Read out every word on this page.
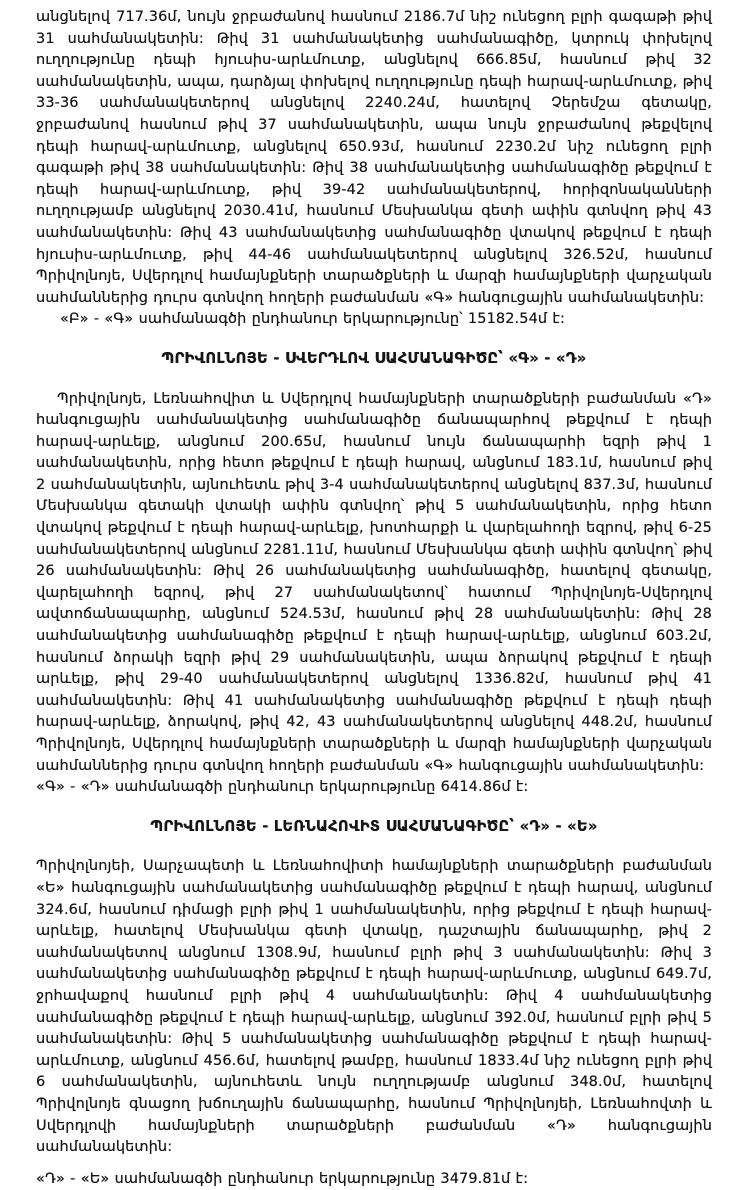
անցնելով 717.36մ, նույն ջրբաժանով հասնում 2186.7մ նիշ ունեցող բլրի գագաթի թիվ 31 սահմանակետին: Թիվ 31 սահմանակետից սահմանագիծը, կտրուկ փոխելով ուղղությունը դեպի հյուսիս-արևմուտք, անցնելով 666.85մ, հասնում թիվ 32 սահմանակետին, ապա, դարձյալ փոխելով ուղղությունը դեպի հարավ-արևմուտք, թիվ 33-36 սահմանակետերով անցնելով 2240.24մ, հատելով Չերեմշա գետակը, ջրբաժանով հասնում թիվ 37 սահմանակետին, ապա նույն ջրբաժանով թեքվելով դեպի հարավ-արևմուտք, անցնելով 650.93մ, հասնում 2230.2մ նիշ ունեցող բլրի գագաթի թիվ 38 սահմանակետին: Թիվ 38 սահմանակետից սահմանագիծը թեքվում է դեպի հարավ-արևմուտք, թիվ 39-42 սահմանակետերով, հորիզոնականների ուղղությամբ անցնելով 2030.41մ, հասնում Մեսխանկա գետի ափին գտնվող թիվ 43 սահմանակետին: Թիվ 43 սահմանակետից սահմանագիծը վտակով թեքվում է դեպի հյուսիս-արևմուտք, թիվ 44-46 սահմանակետերով անցնելով 326.52մ, հասնում Պրիվոլնոյե, Սվերդլով համայնքների տարածքների և մարզի համայնքների վարչական սահմաններից դուրս գտնվող հողերի բաժանման «Գ» հանգուցային սահմանակետին:

«Բ» - «Գ» սահմանագծի ընդհանուր երկարությունը՝ 15182.54մ է:

ՊՐԻՎՈԼՆՈՅԵ - ՍՎԵՐԴԼՈՎ ՍԱՀՄԱՆԱԳԻԾԸ՝ «Գ» - «Դ»

Պրիվոլնոյե, Լեռնահովիտ և Սվերդլով համայնքների տարածքների բաժանման «Դ» հանգուցային սահմանակետից սահմանագիծը ճանապարհով թեքվում է դեպի հարավ-արևելք, անցնում 200.65մ, հասնում նույն ճանապարհի եզրի թիվ 1 սահմանակետին, որից հետո թեքվում է դեպի հարավ, անցնում 183.1մ, հասնում թիվ 2 սահմանակետին, այնուհետև թիվ 3-4 սահմանակետերով անցնելով 837.3մ, հասնում Մեսխանկա գետակի վտակի ափին գտնվող՝ թիվ 5 սահմանակետին, որից հետո վտակով թեքվում է դեպի հարավ-արևելք, խոտհարքի և վարելահողի եզրով, թիվ 6-25 սահմանակետերով անցնում 2281.11մ, հասնում Մեսխանկա գետի ափին գտնվող՝ թիվ 26 սահմանակետին: Թիվ 26 սահմանակետից սահմանագիծը, հատելով գետակը, վարելահողի եզրով, թիվ 27 սահմանակետով՝ հատում Պրիվոլնոյե-Սվերդլով ավտոճանապարհը, անցնում 524.53մ, հասնում թիվ 28 սահմանակետին: Թիվ 28 սահմանակետից սահմանագիծը թեքվում է դեպի հարավ-արևելք, անցնում 603.2մ, հասնում ձորակի եզրի թիվ 29 սահմանակետին, ապա ձորակով թեքվում է դեպի արևելք, թիվ 29-40 սահմանակետերով անցնելով 1336.82մ, հասնում թիվ 41 սահմանակետին: Թիվ 41 սահմանակետից սահմանագիծը թեքվում է դեպի դեպի հարավ-արևելք, ձորակով, թիվ 42, 43 սահմանակետերով անցնելով 448.2մ, հասնում Պրիվոլնոյե, Սվերդլով համայնքների տարածքների և մարզի համայնքների վարչական սահմաններից դուրս գտնվող հողերի բաժանման «Գ» հանգուցային սահմանակետին:

«Գ» - «Դ» սահմանագծի ընդհանուր երկարությունը 6414.86մ է:

ՊՐԻՎՈԼՆՈՅԵ - ԼԵՌՆԱՀՈՎԻՏ ՍԱՀՄԱՆԱԳԻԾԸ՝ «Դ» - «Ե»

Պրիվոլնոյեի, Սարչապետի և Լեռնահովիտի համայնքների տարածքների բաժանման «Ե» հանգուցային սահմանակետից սահմանագիծը թեքվում է դեպի հարավ, անցնում 324.6մ, հասնում դիմացի բլրի թիվ 1 սահմանակետին, որից թեքվում է դեպի հարավ-արևելք, հատելով Մեսխանկա գետի վտակը, դաշտային ճանապարհը, թիվ 2 սահմանակետով անցնում 1308.9մ, հասնում բլրի թիվ 3 սահմանակետին: Թիվ 3 սահմանակետից սահմանագիծը թեքվում է դեպի հարավ-արևմուտք, անցնում 649.7մ, ջրհավաքով հասնում բլրի թիվ 4 սահմանակետին: Թիվ 4 սահմանակետից սահմանագիծը թեքվում է դեպի հարավ-արևելք, անցնում 392.0մ, հասնում բլրի թիվ 5 սահմանակետին: Թիվ 5 սահմանակետից սահմանագիծը թեքվում է դեպի հարավ-արևմուտք, անցնում 456.6մ, հատելով թամբը, հասնում 1833.4մ նիշ ունեցող բլրի թիվ 6 սահմանակետին, այնուհետև նույն ուղղությամբ անցնում 348.0մ, հատելով Պրիվոլնոյե գնացող խճուղային ճանապարհը, հասնում Պրիվոլնոյեի, Լեռնահովտի և Սվերդլովի համայնքների տարածքների բաժանման «Դ» հանգուցային սահմանակետին:

«Դ» - «Ե» սահմանագծի ընդհանուր երկարությունը 3479.81մ է:
